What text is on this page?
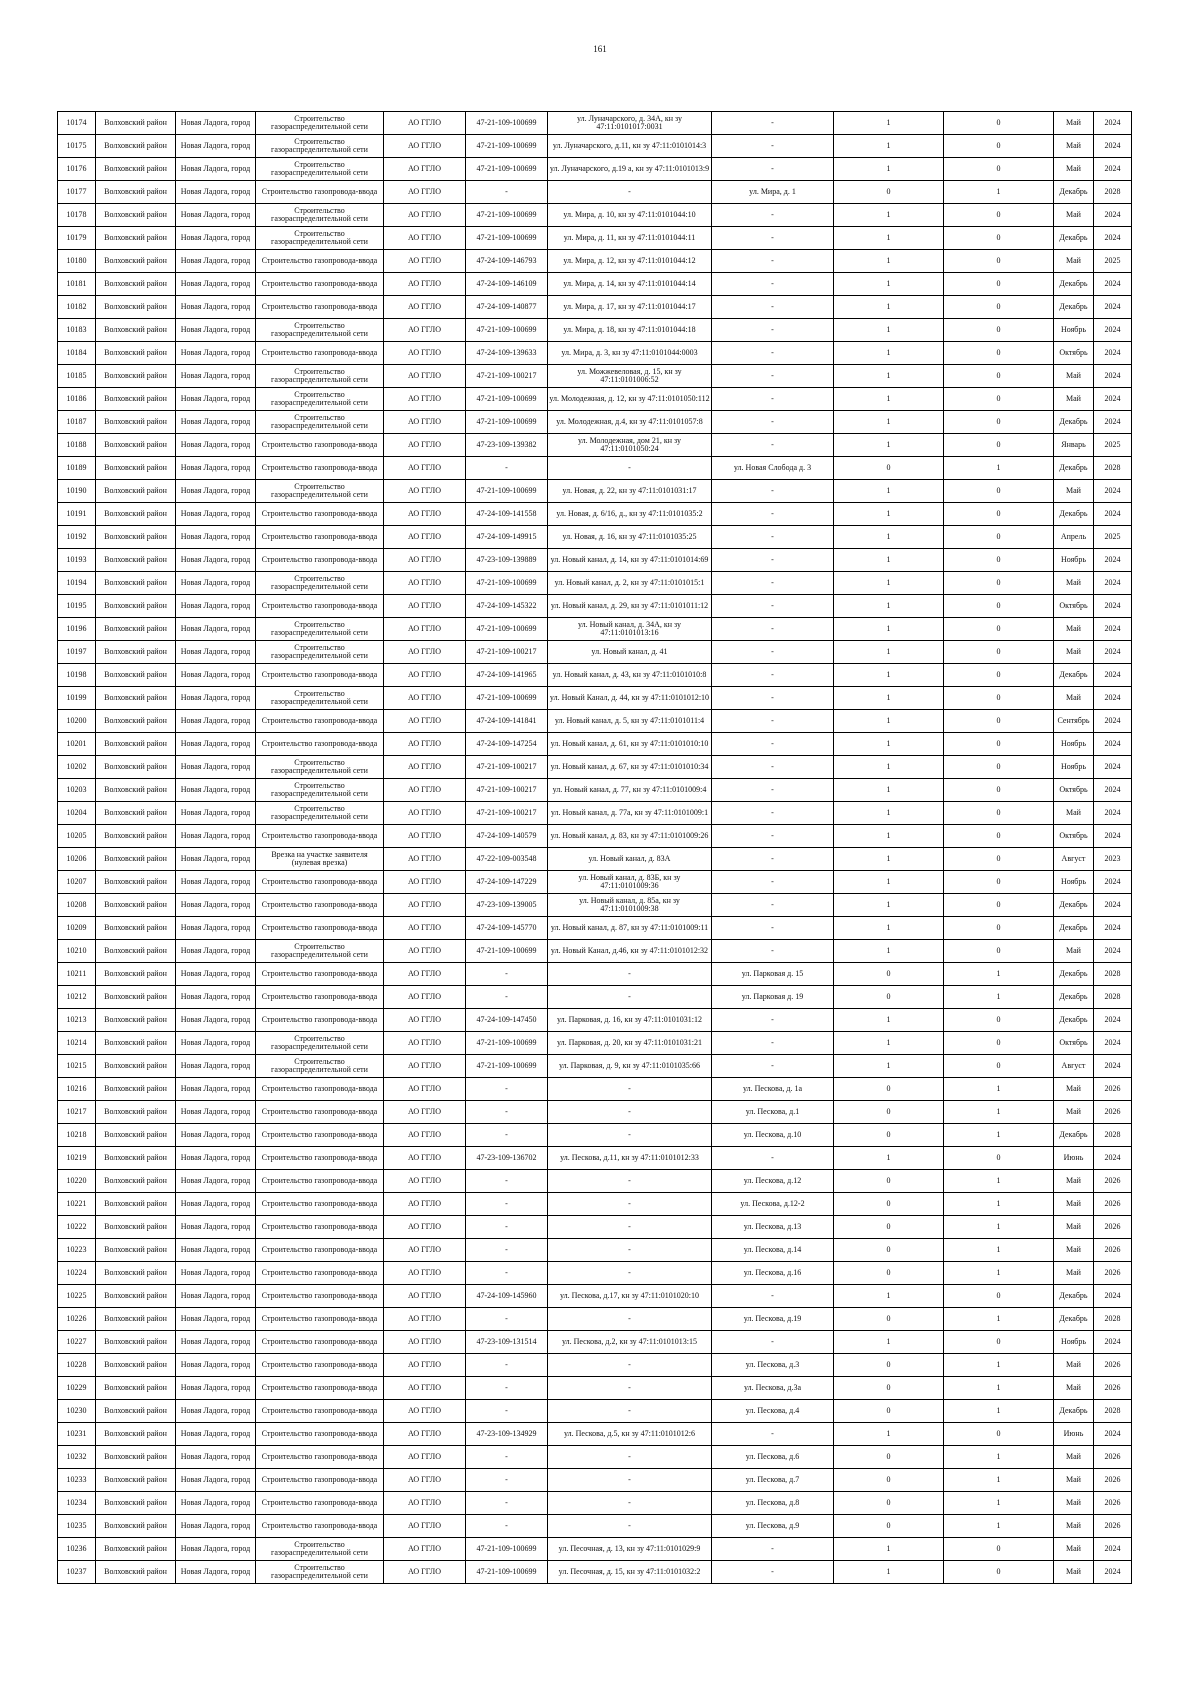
161
10174	Волховский район	Новая Ладога, город	Строительство газораспределительной сети	АО ГГЛО	47-21-109-100699	ул. Луначарского, д. 34А, кн зу 47:11:0101017:0031	-	1	0	Май	2024
10175	Волховский район	Новая Ладога, город	Строительство газораспределительной сети	АО ГГЛО	47-21-109-100699	ул. Луначарского, д.11, кн зу 47:11:0101014:3	-	1	0	Май	2024
10176	Волховский район	Новая Ладога, город	Строительство газораспределительной сети	АО ГГЛО	47-21-109-100699	ул. Луначарского, д.19 а, кн зу 47:11:0101013:9	-	1	0	Май	2024
10177	Волховский район	Новая Ладога, город	Строительство газопровода-ввода	АО ГГЛО	-	-	ул. Мира, д. 1	0	1	Декабрь	2028
10178	Волховский район	Новая Ладога, город	Строительство газораспределительной сети	АО ГГЛО	47-21-109-100699	ул. Мира, д. 10, кн зу 47:11:0101044:10	-	1	0	Май	2024
10179	Волховский район	Новая Ладога, город	Строительство газораспределительной сети	АО ГГЛО	47-21-109-100699	ул. Мира, д. 11, кн зу 47:11:0101044:11	-	1	0	Декабрь	2024
10180	Волховский район	Новая Ладога, город	Строительство газопровода-ввода	АО ГГЛО	47-24-109-146793	ул. Мира, д. 12, кн зу 47:11:0101044:12	-	1	0	Май	2025
10181	Волховский район	Новая Ладога, город	Строительство газопровода-ввода	АО ГГЛО	47-24-109-146109	ул. Мира, д. 14, кн зу 47:11:0101044:14	-	1	0	Декабрь	2024
10182	Волховский район	Новая Ладога, город	Строительство газопровода-ввода	АО ГГЛО	47-24-109-140877	ул. Мира, д. 17, кн зу 47:11:0101044:17	-	1	0	Декабрь	2024
10183	Волховский район	Новая Ладога, город	Строительство газораспределительной сети	АО ГГЛО	47-21-109-100699	ул. Мира, д. 18, кн зу 47:11:0101044:18	-	1	0	Ноябрь	2024
10184	Волховский район	Новая Ладога, город	Строительство газопровода-ввода	АО ГГЛО	47-24-109-139633	ул. Мира, д. 3, кн зу 47:11:0101044:0003	-	1	0	Октябрь	2024
10185	Волховский район	Новая Ладога, город	Строительство газораспределительной сети	АО ГГЛО	47-21-109-100217	ул. Можжевеловая, д. 15, кн зу 47:11:0101006:52	-	1	0	Май	2024
10186	Волховский район	Новая Ладога, город	Строительство газораспределительной сети	АО ГГЛО	47-21-109-100699	ул. Молодежная, д. 12, кн зу 47:11:0101050:112	-	1	0	Май	2024
10187	Волховский район	Новая Ладога, город	Строительство газораспределительной сети	АО ГГЛО	47-21-109-100699	ул. Молодежная, д.4, кн зу 47:11:0101057:8	-	1	0	Декабрь	2024
10188	Волховский район	Новая Ладога, город	Строительство газопровода-ввода	АО ГГЛО	47-23-109-139382	ул. Молодежная, дом 21, кн зу 47:11:0101050:24	-	1	0	Январь	2025
10189	Волховский район	Новая Ладога, город	Строительство газопровода-ввода	АО ГГЛО	-	-	ул. Новая Слобода д. 3	0	1	Декабрь	2028
10190	Волховский район	Новая Ладога, город	Строительство газораспределительной сети	АО ГГЛО	47-21-109-100699	ул. Новая, д. 22, кн зу 47:11:0101031:17	-	1	0	Май	2024
10191	Волховский район	Новая Ладога, город	Строительство газопровода-ввода	АО ГГЛО	47-24-109-141558	ул. Новая, д. 6/16, д., кн зу 47:11:0101035:2	-	1	0	Декабрь	2024
10192	Волховский район	Новая Ладога, город	Строительство газопровода-ввода	АО ГГЛО	47-24-109-149915	ул. Новая, д. 16, кн зу 47:11:0101035:25	-	1	0	Апрель	2025
10193	Волховский район	Новая Ладога, город	Строительство газопровода-ввода	АО ГГЛО	47-23-109-139889	ул. Новый канал, д. 14, кн зу 47:11:0101014:69	-	1	0	Ноябрь	2024
10194	Волховский район	Новая Ладога, город	Строительство газораспределительной сети	АО ГГЛО	47-21-109-100699	ул. Новый канал, д. 2, кн зу 47:11:0101015:1	-	1	0	Май	2024
10195	Волховский район	Новая Ладога, город	Строительство газопровода-ввода	АО ГГЛО	47-24-109-145322	ул. Новый канал, д. 29, кн зу 47:11:0101011:12	-	1	0	Октябрь	2024
10196	Волховский район	Новая Ладога, город	Строительство газораспределительной сети	АО ГГЛО	47-21-109-100699	ул. Новый канал, д. 34А, кн зу 47:11:0101013:16	-	1	0	Май	2024
10197	Волховский район	Новая Ладога, город	Строительство газораспределительной сети	АО ГГЛО	47-21-109-100217	ул. Новый канал, д. 41	-	1	0	Май	2024
10198	Волховский район	Новая Ладога, город	Строительство газопровода-ввода	АО ГГЛО	47-24-109-141965	ул. Новый канал, д. 43, кн зу 47:11:0101010:8	-	1	0	Декабрь	2024
10199	Волховский район	Новая Ладога, город	Строительство газораспределительной сети	АО ГГЛО	47-21-109-100699	ул. Новый Канал, д. 44, кн зу 47:11:0101012:10	-	1	0	Май	2024
10200	Волховский район	Новая Ладога, город	Строительство газопровода-ввода	АО ГГЛО	47-24-109-141841	ул. Новый канал, д. 5, кн зу 47:11:0101011:4	-	1	0	Сентябрь	2024
10201	Волховский район	Новая Ладога, город	Строительство газопровода-ввода	АО ГГЛО	47-24-109-147254	ул. Новый канал, д. 61, кн зу 47:11:0101010:10	-	1	0	Ноябрь	2024
10202	Волховский район	Новая Ладога, город	Строительство газораспределительной сети	АО ГГЛО	47-21-109-100217	ул. Новый канал, д. 67, кн зу 47:11:0101010:34	-	1	0	Ноябрь	2024
10203	Волховский район	Новая Ладога, город	Строительство газораспределительной сети	АО ГГЛО	47-21-109-100217	ул. Новый канал, д. 77, кн зу 47:11:0101009:4	-	1	0	Октябрь	2024
10204	Волховский район	Новая Ладога, город	Строительство газораспределительной сети	АО ГГЛО	47-21-109-100217	ул. Новый канал, д. 77а, кн зу 47:11:0101009:1	-	1	0	Май	2024
10205	Волховский район	Новая Ладога, город	Строительство газопровода-ввода	АО ГГЛО	47-24-109-140579	ул. Новый канал, д. 83, кн зу 47:11:0101009:26	-	1	0	Октябрь	2024
10206	Волховский район	Новая Ладога, город	Врезка на участке заявителя (нулевая врезка)	АО ГГЛО	47-22-109-003548	ул. Новый канал, д. 83А	-	1	0	Август	2023
10207	Волховский район	Новая Ладога, город	Строительство газопровода-ввода	АО ГГЛО	47-24-109-147229	ул. Новый канал, д. 83Б, кн зу 47:11:0101009:36	-	1	0	Ноябрь	2024
10208	Волховский район	Новая Ладога, город	Строительство газопровода-ввода	АО ГГЛО	47-23-109-139005	ул. Новый канал, д. 85а, кн зу 47:11:0101009:38	-	1	0	Декабрь	2024
10209	Волховский район	Новая Ладога, город	Строительство газопровода-ввода	АО ГГЛО	47-24-109-145770	ул. Новый канал, д. 87, кн зу 47:11:0101009:11	-	1	0	Декабрь	2024
10210	Волховский район	Новая Ладога, город	Строительство газораспределительной сети	АО ГГЛО	47-21-109-100699	ул. Новый Канал, д.46, кн зу 47:11:0101012:32	-	1	0	Май	2024
10211	Волховский район	Новая Ладога, город	Строительство газопровода-ввода	АО ГГЛО	-	-	ул. Парковая д. 15	0	1	Декабрь	2028
10212	Волховский район	Новая Ладога, город	Строительство газопровода-ввода	АО ГГЛО	-	-	ул. Парковая д. 19	0	1	Декабрь	2028
10213	Волховский район	Новая Ладога, город	Строительство газопровода-ввода	АО ГГЛО	47-24-109-147450	ул. Парковая, д. 16, кн зу 47:11:0101031:12	-	1	0	Декабрь	2024
10214	Волховский район	Новая Ладога, город	Строительство газораспределительной сети	АО ГГЛО	47-21-109-100699	ул. Парковая, д. 20, кн зу 47:11:0101031:21	-	1	0	Октябрь	2024
10215	Волховский район	Новая Ладога, город	Строительство газораспределительной сети	АО ГГЛО	47-21-109-100699	ул. Парковая, д. 9, кн зу 47:11:0101035:66	-	1	0	Август	2024
10216	Волховский район	Новая Ладога, город	Строительство газопровода-ввода	АО ГГЛО	-	-	ул. Пескова, д. 1а	0	1	Май	2026
10217	Волховский район	Новая Ладога, город	Строительство газопровода-ввода	АО ГГЛО	-	-	ул. Пескова, д.1	0	1	Май	2026
10218	Волховский район	Новая Ладога, город	Строительство газопровода-ввода	АО ГГЛО	-	-	ул. Пескова, д.10	0	1	Декабрь	2028
10219	Волховский район	Новая Ладога, город	Строительство газопровода-ввода	АО ГГЛО	47-23-109-136702	ул. Пескова, д.11, кн зу 47:11:0101012:33	-	1	0	Июнь	2024
10220	Волховский район	Новая Ладога, город	Строительство газопровода-ввода	АО ГГЛО	-	-	ул. Пескова, д.12	0	1	Май	2026
10221	Волховский район	Новая Ладога, город	Строительство газопровода-ввода	АО ГГЛО	-	-	ул. Пескова, д.12-2	0	1	Май	2026
10222	Волховский район	Новая Ладога, город	Строительство газопровода-ввода	АО ГГЛО	-	-	ул. Пескова, д.13	0	1	Май	2026
10223	Волховский район	Новая Ладога, город	Строительство газопровода-ввода	АО ГГЛО	-	-	ул. Пескова, д.14	0	1	Май	2026
10224	Волховский район	Новая Ладога, город	Строительство газопровода-ввода	АО ГГЛО	-	-	ул. Пескова, д.16	0	1	Май	2026
10225	Волховский район	Новая Ладога, город	Строительство газопровода-ввода	АО ГГЛО	47-24-109-145960	ул. Пескова, д.17, кн зу 47:11:0101020:10	-	1	0	Декабрь	2024
10226	Волховский район	Новая Ладога, город	Строительство газопровода-ввода	АО ГГЛО	-	-	ул. Пескова, д.19	0	1	Декабрь	2028
10227	Волховский район	Новая Ладога, город	Строительство газопровода-ввода	АО ГГЛО	47-23-109-131514	ул. Пескова, д.2, кн зу 47:11:0101013:15	-	1	0	Ноябрь	2024
10228	Волховский район	Новая Ладога, город	Строительство газопровода-ввода	АО ГГЛО	-	-	ул. Пескова, д.3	0	1	Май	2026
10229	Волховский район	Новая Ладога, город	Строительство газопровода-ввода	АО ГГЛО	-	-	ул. Пескова, д.3а	0	1	Май	2026
10230	Волховский район	Новая Ладога, город	Строительство газопровода-ввода	АО ГГЛО	-	-	ул. Пескова, д.4	0	1	Декабрь	2028
10231	Волховский район	Новая Ладога, город	Строительство газопровода-ввода	АО ГГЛО	47-23-109-134929	ул. Пескова, д.5, кн зу 47:11:0101012:6	-	1	0	Июнь	2024
10232	Волховский район	Новая Ладога, город	Строительство газопровода-ввода	АО ГГЛО	-	-	ул. Пескова, д.6	0	1	Май	2026
10233	Волховский район	Новая Ладога, город	Строительство газопровода-ввода	АО ГГЛО	-	-	ул. Пескова, д.7	0	1	Май	2026
10234	Волховский район	Новая Ладога, город	Строительство газопровода-ввода	АО ГГЛО	-	-	ул. Пескова, д.8	0	1	Май	2026
10235	Волховский район	Новая Ладога, город	Строительство газопровода-ввода	АО ГГЛО	-	-	ул. Пескова, д.9	0	1	Май	2026
10236	Волховский район	Новая Ладога, город	Строительство газораспределительной сети	АО ГГЛО	47-21-109-100699	ул. Песочная, д. 13, кн зу 47:11:0101029:9	-	1	0	Май	2024
10237	Волховский район	Новая Ладога, город	Строительство газораспределительной сети	АО ГГЛО	47-21-109-100699	ул. Песочная, д. 15, кн зу 47:11:0101032:2	-	1	0	Май	2024
